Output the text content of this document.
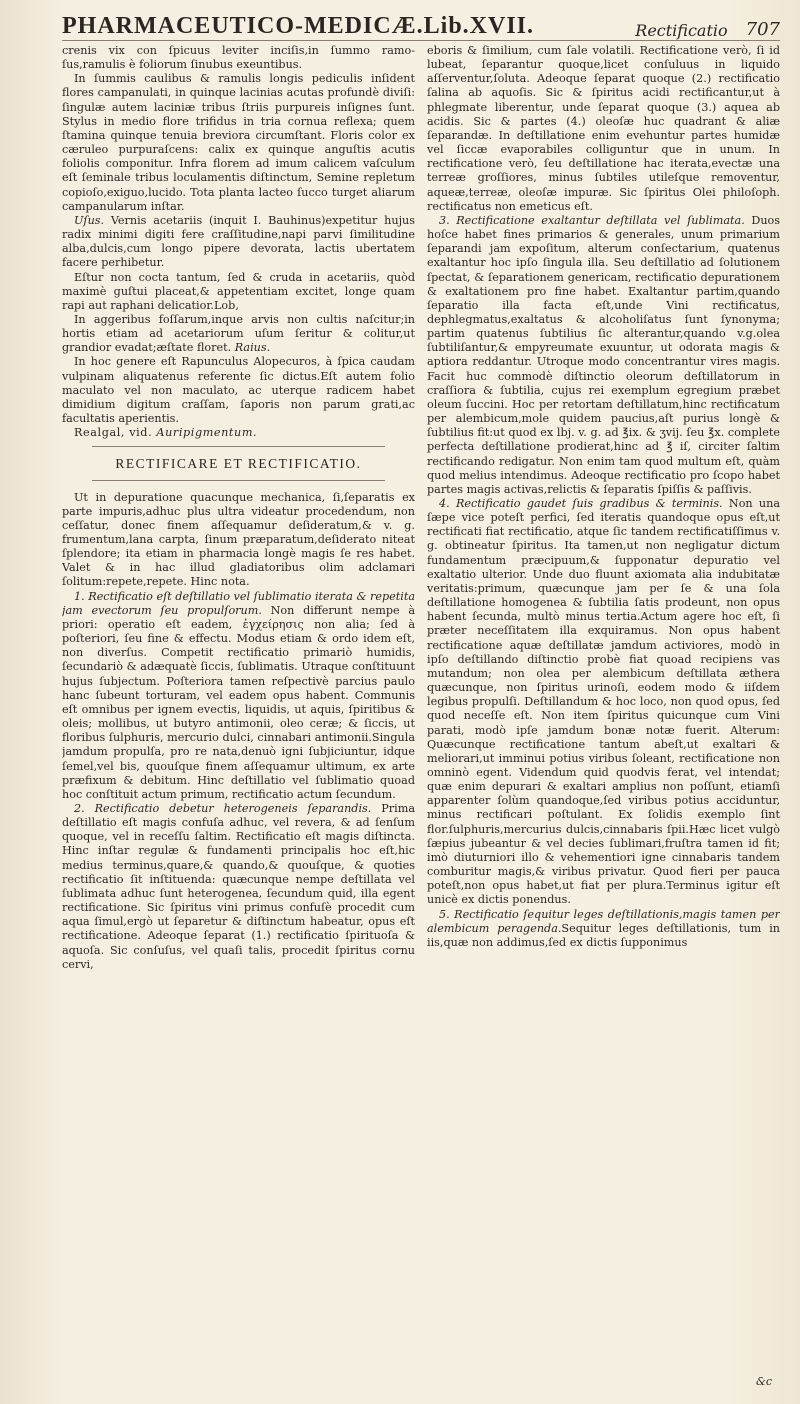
PHARMACEUTICO-MEDICÆ.Lib.XVII.	Rectificatio 707

crenis vix con ſpicuus leviter inciſis,in ſummo ramo-ſus,ramulis è foliorum ſinubus exeuntibus.

In ſummis caulibus & ramulis longis pediculis inſident flores campanulati, in quinque lacinias acutas profundè diviſi: ſingulæ autem laciniæ tribus ſtriis purpureis inſignes ſunt. Stylus in medio flore trifidus in tria cornua reflexa; quem ſtamina quinque tenuia breviora circumſtant. Floris color ex cæruleo purpuraſcens: calix ex quinque anguſtis acutis foliolis componitur. Infra florem ad imum calicem vaſculum eſt ſeminale tribus loculamentis diſtinctum, Semine repletum copioſo,exiguo,lucido. Tota planta lacteo ſucco turget aliarum campanularum inſtar.

Uſus. Vernis acetariis (inquit I. Bauhinus)expetitur hujus radix minimi digiti fere craſſitudine,napi parvi ſimilitudine alba,dulcis,cum longo pipere devorata, lactis ubertatem facere perhibetur.

Eſtur non cocta tantum, ſed & cruda in acetariis, quòd maximè guſtui placeat,& appetentiam excitet, longe quam rapi aut raphani delicatior.Lob,

In aggeribus foſſarum,inque arvis non cultis naſcitur;in hortis etiam ad acetariorum uſum ſeritur & colitur,ut grandior evadat;æſtate floret. Raius.

In hoc genere eſt Rapunculus Alopecuros, à ſpica caudam vulpinam aliquatenus referente ſic dictus.Eſt autem folio maculato vel non maculato, ac uterque radicem habet dimidium digitum craſſam, ſaporis non parum grati,ac facultatis aperientis.

Realgal, vid. Auripigmentum.

RECTIFICARE ET RECTIFICATIO.

Ut in depuratione quacunque mechanica, ſi,ſeparatis ex parte impuris,adhuc plus ultra videatur procedendum, non ceſſatur, donec finem aſſequamur deſideratum,& v. g. frumentum,lana carpta, ſinum præparatum,deſiderato niteat ſplendore; ita etiam in pharmacia longè magis ſe res habet. Valet & in hac illud gladiatoribus olim adclamari ſolitum:repete,repete. Hinc nota.

1. Rectificatio eſt deſtillatio vel ſublimatio iterata & repetita jam evectorum ſeu propulſorum. Non differunt nempe à priori: operatio eſt eadem, ἐγχείρησις non alia; ſed à poſteriori, ſeu fine & effectu. Modus etiam & ordo idem eſt, non diverſus. Competit rectificatio primariò humidis, ſecundariò & adæquatè ſiccis, ſublimatis. Utraque conſtituunt hujus ſubjectum. Poſteriora tamen reſpectivè parcius paulo hanc ſubeunt torturam, vel eadem opus habent. Communis eſt omnibus per ignem evectis, liquidis, ut aquis, ſpiritibus & oleis; mollibus, ut butyro antimonii, oleo ceræ; & ſiccis, ut floribus ſulphuris, mercurio dulci, cinnabari antimonii.Singula jamdum propulſa, pro re nata,denuò igni ſubjiciuntur, idque ſemel,vel bis, quouſque finem aſſequamur ultimum, ex arte præfixum & debitum. Hinc deſtillatio vel ſublimatio quoad hoc conſtituit actum primum, rectificatio actum ſecundum.

2. Rectificatio debetur heterogeneis ſeparandis. Prima deſtillatio eſt magis confuſa adhuc, vel revera, & ad ſenſum quoque, vel in receſſu ſaltim. Rectificatio eſt magis diſtincta. Hinc inſtar regulæ & fundamenti principalis hoc eſt,hic medius terminus,quare,& quando,& quouſque, & quoties rectificatio ſit inſtituenda: quæcunque nempe deſtillata vel ſublimata adhuc ſunt heterogenea, ſecundum quid, illa egent rectificatione. Sic ſpiritus vini primus confuſè procedit cum aqua ſimul,ergò ut ſeparetur & diſtinctum habeatur, opus eſt rectificatione. Adeoque ſeparat (1.) rectificatio ſpirituoſa & aquoſa. Sic conſuſus, vel quaſi talis, procedit ſpiritus cornu cervi,

eboris & ſimilium, cum ſale volatili. Rectificatione verò, ſi id lubeat, ſeparantur quoque,licet conſuluus in liquido aſſerventur,ſoluta. Adeoque ſeparat quoque (2.) rectificatio ſalina ab aquoſis. Sic & ſpiritus acidi rectificantur,ut à phlegmate liberentur, unde ſeparat quoque (3.) aquea ab acidis. Sic & partes (4.) oleoſæ huc quadrant & aliæ ſeparandæ. In deſtillatione enim evehuntur partes humidæ vel ſiccæ evaporabiles colliguntur que in unum. In rectificatione verò, ſeu deſtillatione hac iterata,evectæ una terreæ groſſiores, minus ſubtiles utileſque removentur, aqueæ,terreæ, oleoſæ impuræ. Sic ſpiritus Olei philoſoph. rectificatus non emeticus eſt.

3. Rectificatione exaltantur deſtillata vel ſublimata. Duos hoſce habet fines primarios & generales, unum primarium ſeparandi jam expoſitum, alterum conſectarium, quatenus exaltantur hoc ipſo ſingula illa. Seu deſtillatio ad ſolutionem ſpectat, & ſeparationem genericam, rectificatio depurationem & exaltationem pro fine habet. Exaltantur partim,quando ſeparatio illa facta eſt,unde Vini rectificatus, dephlegmatus,exaltatus & alcoholiſatus ſunt ſynonyma; partim quatenus ſubtilius ſic alterantur,quando v.g.olea ſubtiliſantur,& empyreumate exuuntur, ut odorata magis & aptiora reddantur. Utroque modo concentrantur vires magis. Facit huc commodè diſtinctio oleorum deſtillatorum in craſſiora & ſubtilia, cujus rei exemplum egregium præbet oleum ſuccini. Hoc per retortam deſtillatum,hinc rectificatum per alembicum,mole quidem paucius,aſt purius longè & ſubtilius fit:ut quod ex lbj. v. g. ad ℥ix. & ʒvij. ſeu ℥x. complete perfecta deſtillatione prodierat,hinc ad ℥ iſ, circiter ſaltim rectificando redigatur. Non enim tam quod multum eſt, quàm quod melius intendimus. Adeoque rectificatio pro ſcopo habet partes magis activas,relictis & ſeparatis ſpiſſis & paſſivis.

4. Rectificatio gaudet ſuis gradibus & terminis. Non una ſæpe vice poteſt perfici, ſed iteratis quandoque opus eſt,ut rectificati fiat rectificatio, atque ſic tandem rectificatiſſimus v. g. obtineatur ſpiritus. Ita tamen,ut non negligatur dictum fundamentum præcipuum,& ſupponatur depuratio vel exaltatio ulterior. Unde duo fluunt axiomata alia indubitatæ veritatis:primum, quæcunque jam per ſe & una ſola deſtillatione homogenea & ſubtilia ſatis prodeunt, non opus habent ſecunda, multò minus tertia.Actum agere hoc eſt, ſi præter neceſſitatem illa exquiramus. Non opus habent rectificatione aquæ deſtillatæ jamdum activiores, modò in ipſo deſtillando diſtinctio probè fiat quoad recipiens vas mutandum; non olea per alembicum deſtillata æthera quæcunque, non ſpiritus urinoſi, eodem modo & iiſdem legibus propulſi. Deſtillandum & hoc loco, non quod opus, ſed quod neceſſe eſt. Non item ſpiritus quicunque cum Vini parati, modò ipſe jamdum bonæ notæ fuerit. Alterum: Quæcunque rectificatione tantum abeſt,ut exaltari & meliorari,ut imminui potius viribus ſoleant, rectificatione non omninò egent. Videndum quid quodvis ferat, vel intendat; quæ enim depurari & exaltari amplius non poſſunt, etiamſi apparenter ſolùm quandoque,ſed viribus potius acciduntur, minus rectificari poſtulant. Ex ſolidis exemplo ſint flor.ſulphuris,mercurius dulcis,cinnabaris ſpii.Hæc licet vulgò ſæpius jubeantur & vel decies ſublimari,fruſtra tamen id fit; imò diuturniori illo & vehementiori igne cinnabaris tandem comburitur magis,& viribus privatur. Quod fieri per pauca poteſt,non opus habet,ut fiat per plura.Terminus igitur eſt unicè ex dictis ponendus.

5. Rectificatio ſequitur leges deſtillationis,magis tamen per alembicum peragenda.Sequitur leges deſtillationis, tum in iis,quæ non addimus,ſed ex dictis ſupponimus

&c
